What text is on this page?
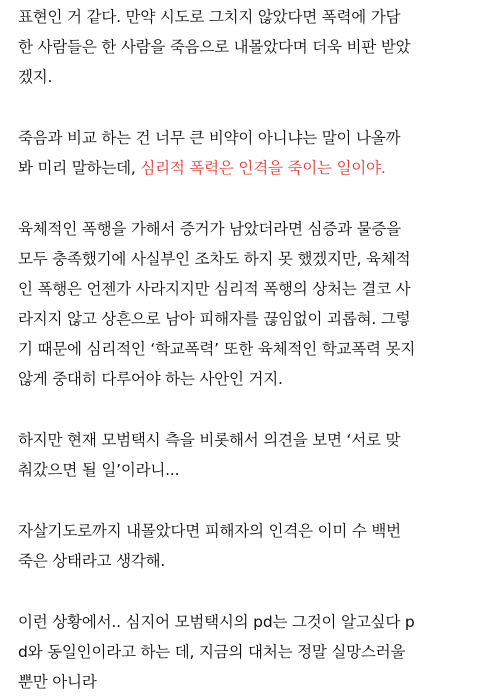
표현인 거 같다. 만약 시도로 그치지 않았다면 폭력에 가담
한 사람들은 한 사람을 죽음으로 내몰았다며 더욱 비판 받았
겠지.

죽음과 비교 하는 건 너무 큰 비약이 아니냐는 말이 나올까
봐 미리 말하는데, 심리적 폭력은 인격을 죽이는 일이야.

육체적인 폭행을 가해서 증거가 남았더라면 심증과 물증을
모두 충족했기에 사실부인 조차도 하지 못 했겠지만, 육체적
인 폭행은 언젠가 사라지지만 심리적 폭행의 상처는 결코 사
라지지 않고 상흔으로 남아 피해자를 끊임없이 괴롭혀. 그렇
기 때문에 심리적인 ‘학교폭력’ 또한 육체적인 학교폭력 못지
않게 중대히 다루어야 하는 사안인 거지.

하지만 현재 모범택시 측을 비롯해서 의견을 보면 ‘서로 맞
춰갔으면 될 일’이라니...

자살기도로까지 내몰았다면 피해자의 인격은 이미 수 백번
죽은 상태라고 생각해.

이런 상황에서.. 심지어 모범택시의 pd는 그것이 알고싶다 p
d와 동일인이라고 하는 데, 지금의 대처는 정말 실망스러울
뿐만 아니라
